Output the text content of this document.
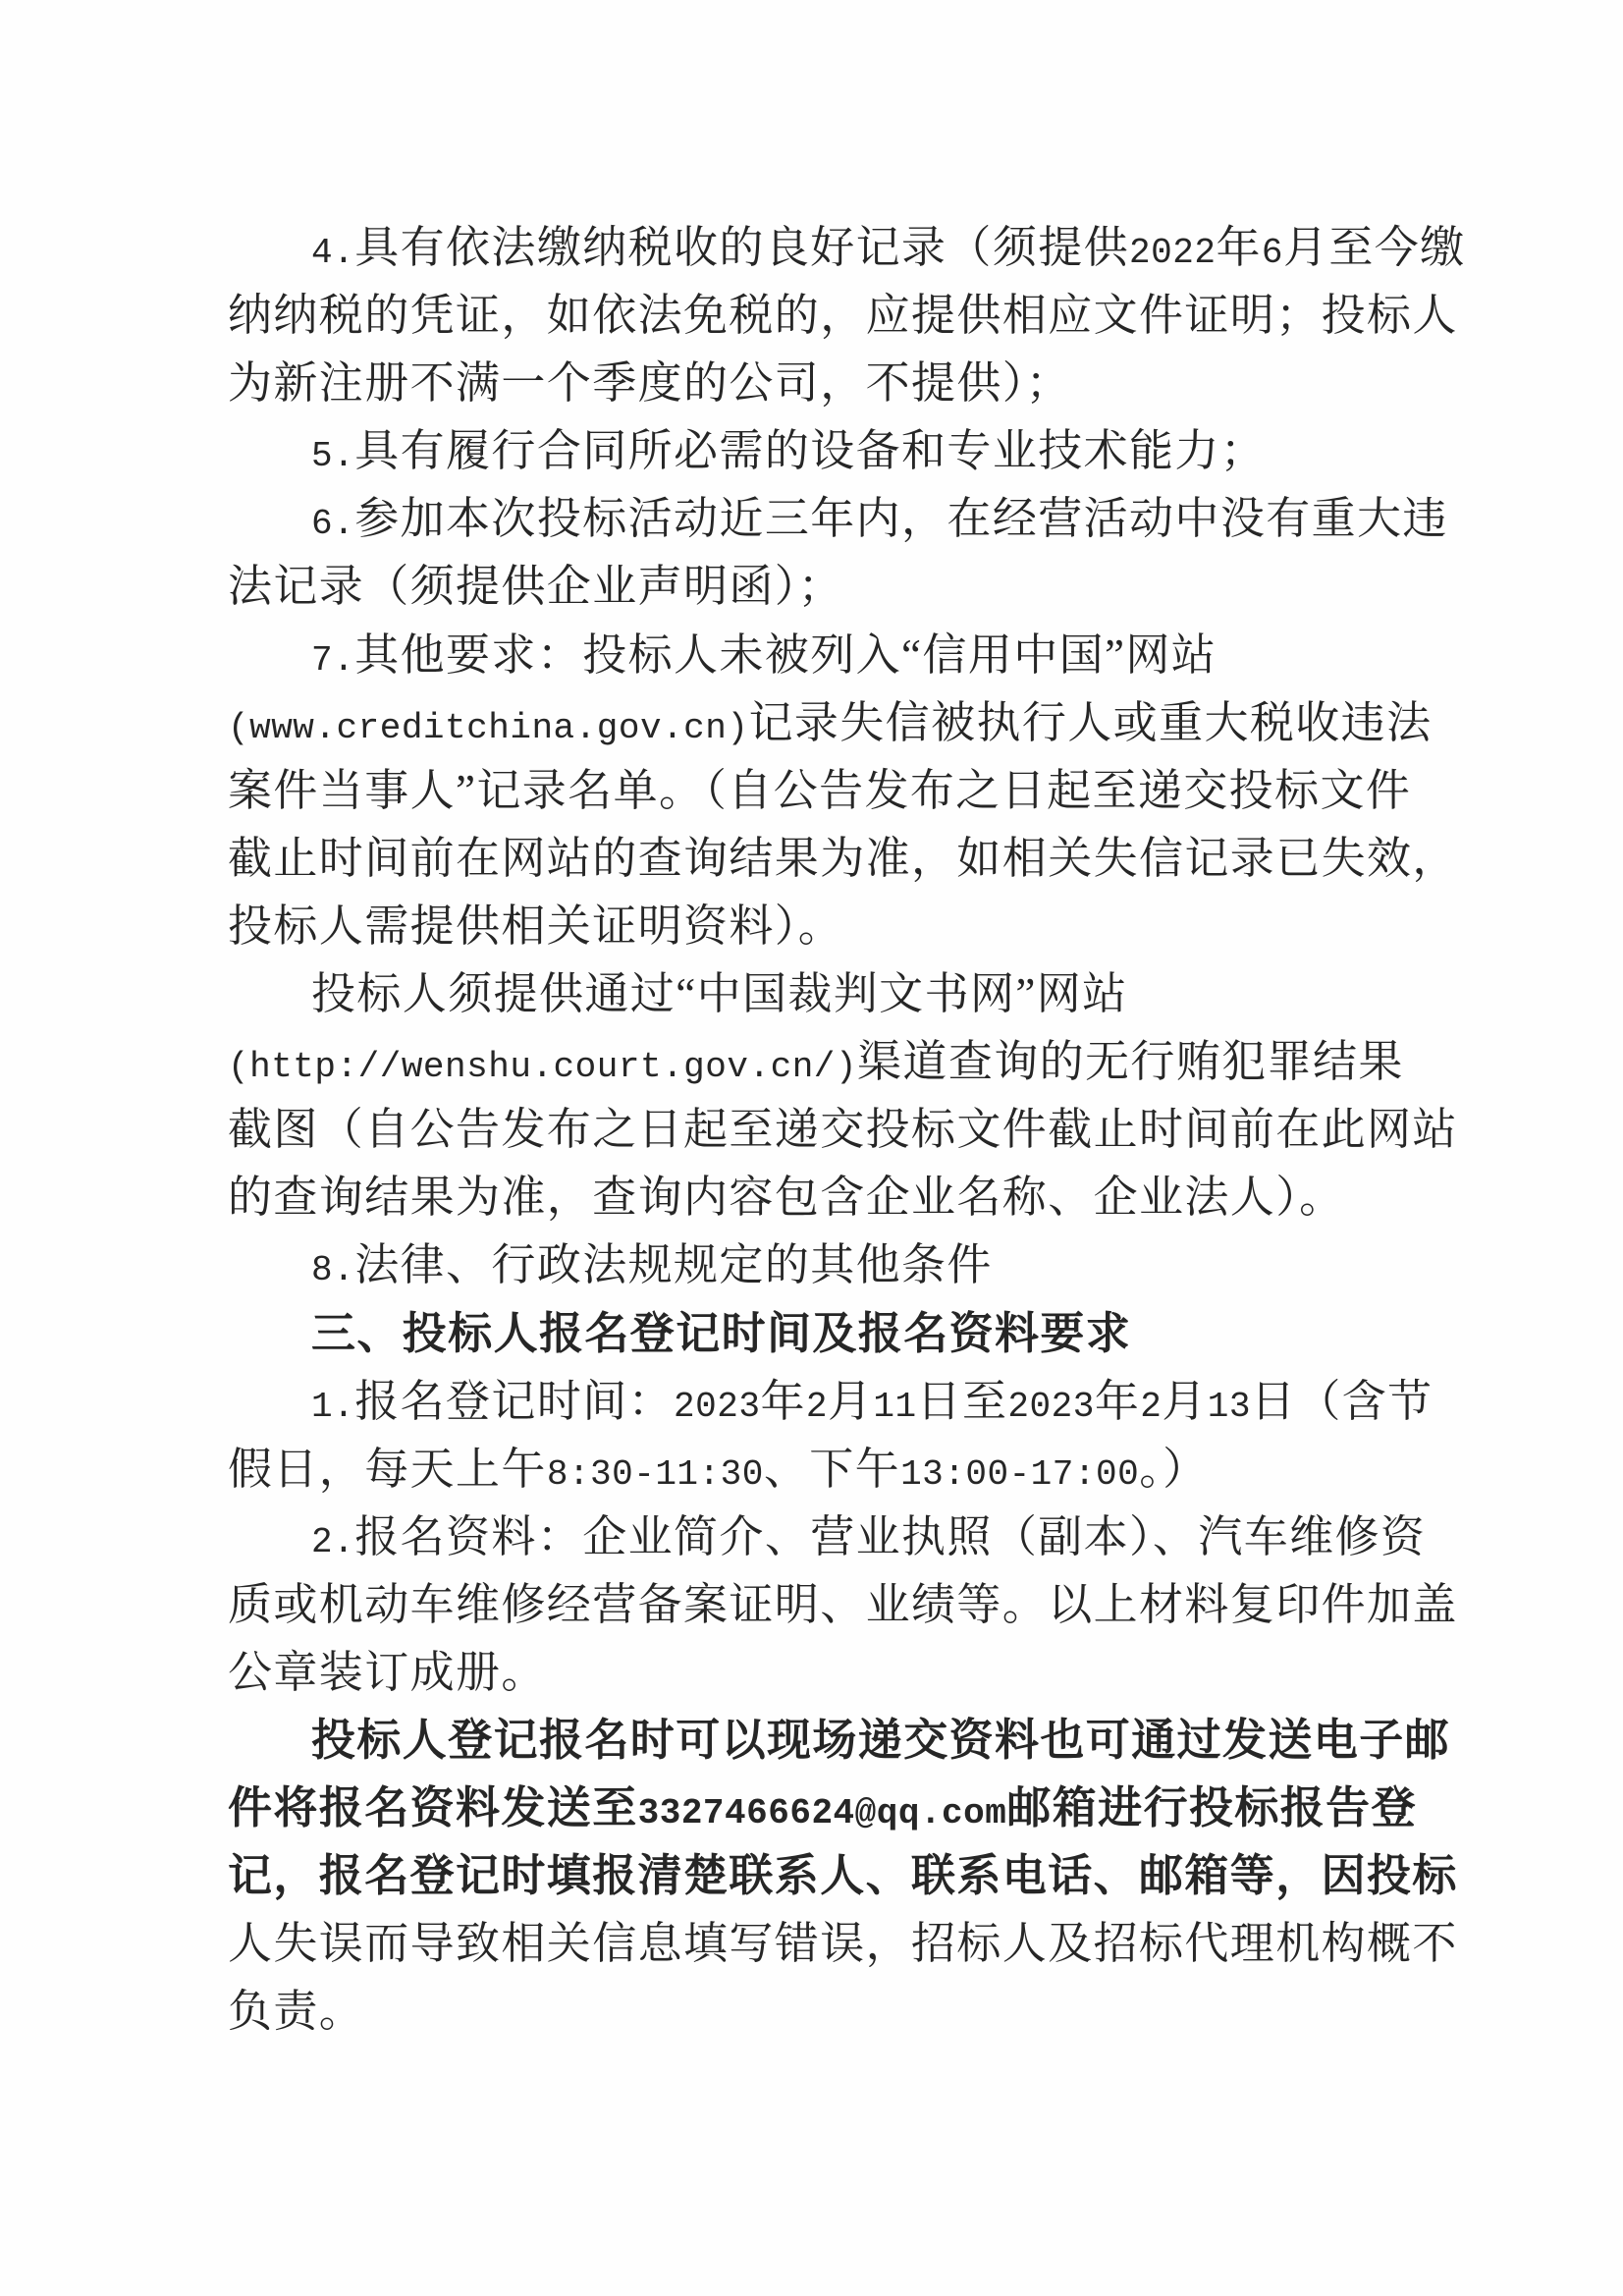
4.具有依法缴纳税收的良好记录（须提供2022年6月至今缴
纳纳税的凭证，如依法免税的，应提供相应文件证明；投标人
为新注册不满一个季度的公司，不提供）；
5.具有履行合同所必需的设备和专业技术能力；
6.参加本次投标活动近三年内，在经营活动中没有重大违
法记录（须提供企业声明函）；
7.其他要求：投标人未被列入“信用中国”网站
(www.creditchina.gov.cn)记录失信被执行人或重大税收违法
案件当事人”记录名单。（自公告发布之日起至递交投标文件
截止时间前在网站的查询结果为准，如相关失信记录已失效，
投标人需提供相关证明资料）。
投标人须提供通过“中国裁判文书网”网站
(http://wenshu.court.gov.cn/)渠道查询的无行贿犯罪结果
截图（自公告发布之日起至递交投标文件截止时间前在此网站
的查询结果为准，查询内容包含企业名称、企业法人）。
8.法律、行政法规规定的其他条件
三、投标人报名登记时间及报名资料要求
1.报名登记时间：2023年2月11日至2023年2月13日（含节
假日，每天上午8:30-11:30、下午13:00-17:00。）
2.报名资料：企业简介、营业执照（副本）、汽车维修资
质或机动车维修经营备案证明、业绩等。以上材料复印件加盖
公章装订成册。
投标人登记报名时可以现场递交资料也可通过发送电子邮
件将报名资料发送至3327466624@qq.com邮箱进行投标报告登
记，报名登记时填报清楚联系人、联系电话、邮箱等，因投标
人失误而导致相关信息填写错误，招标人及招标代理机构概不
负责。
